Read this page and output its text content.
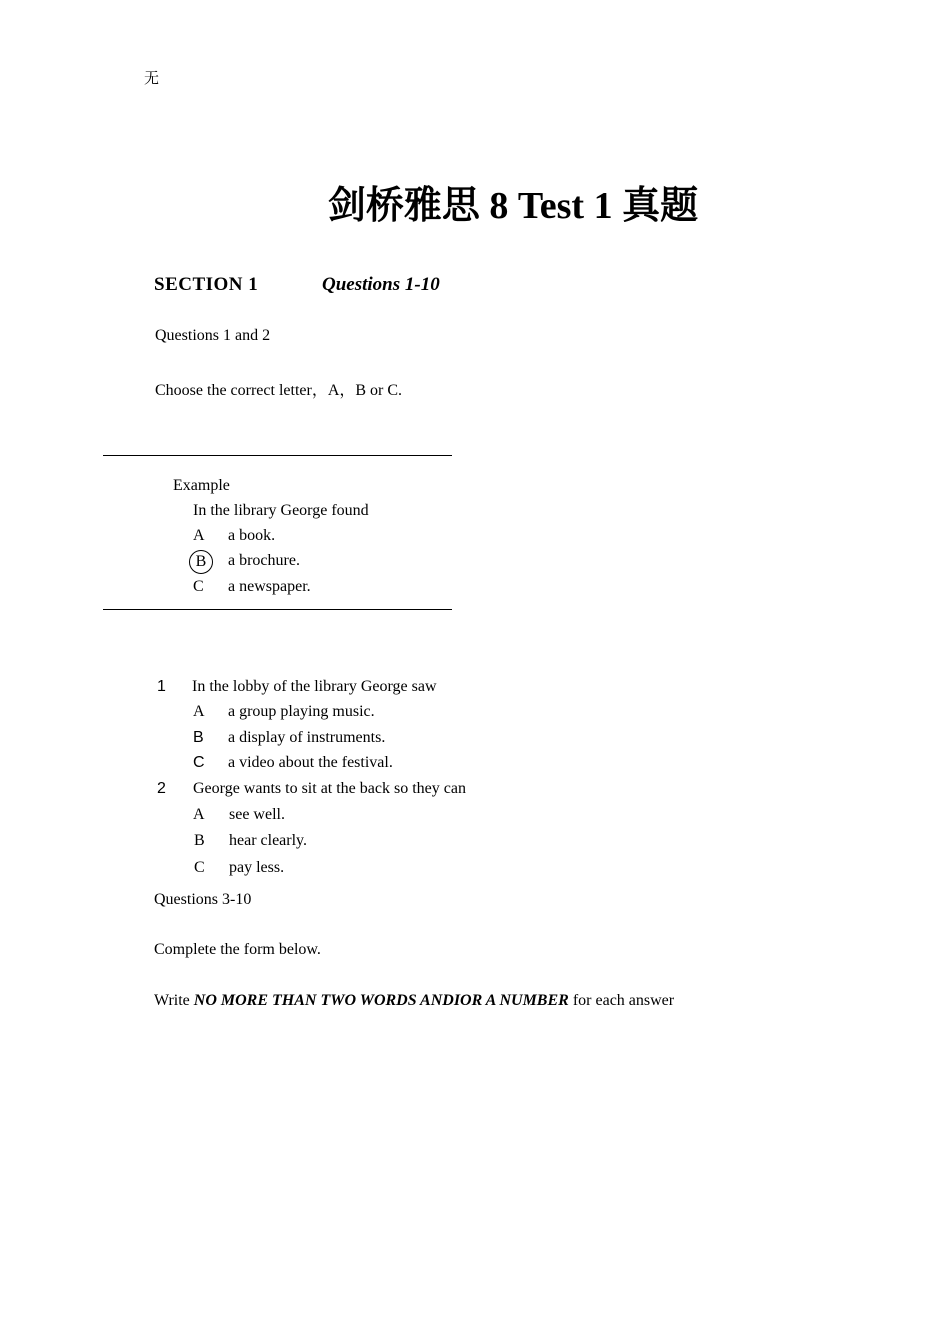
无
剑桥雅思 8 Test 1 真题
SECTION 1	Questions 1-10
Questions 1 and 2
Choose the correct letter，A，B or C.
Example
In the library George found
A a book.
B	a brochure.
C a newspaper.
1 In the lobby of the library George saw
A a group playing music.
B a display of instruments.
C a video about the festival.
2 George wants to sit at the back so they can
A see well.
B hear clearly.
C pay less.
Questions 3-10
Complete the form below.
Write NO MORE THAN TWO WORDS ANDIOR A NUMBER for each answer
